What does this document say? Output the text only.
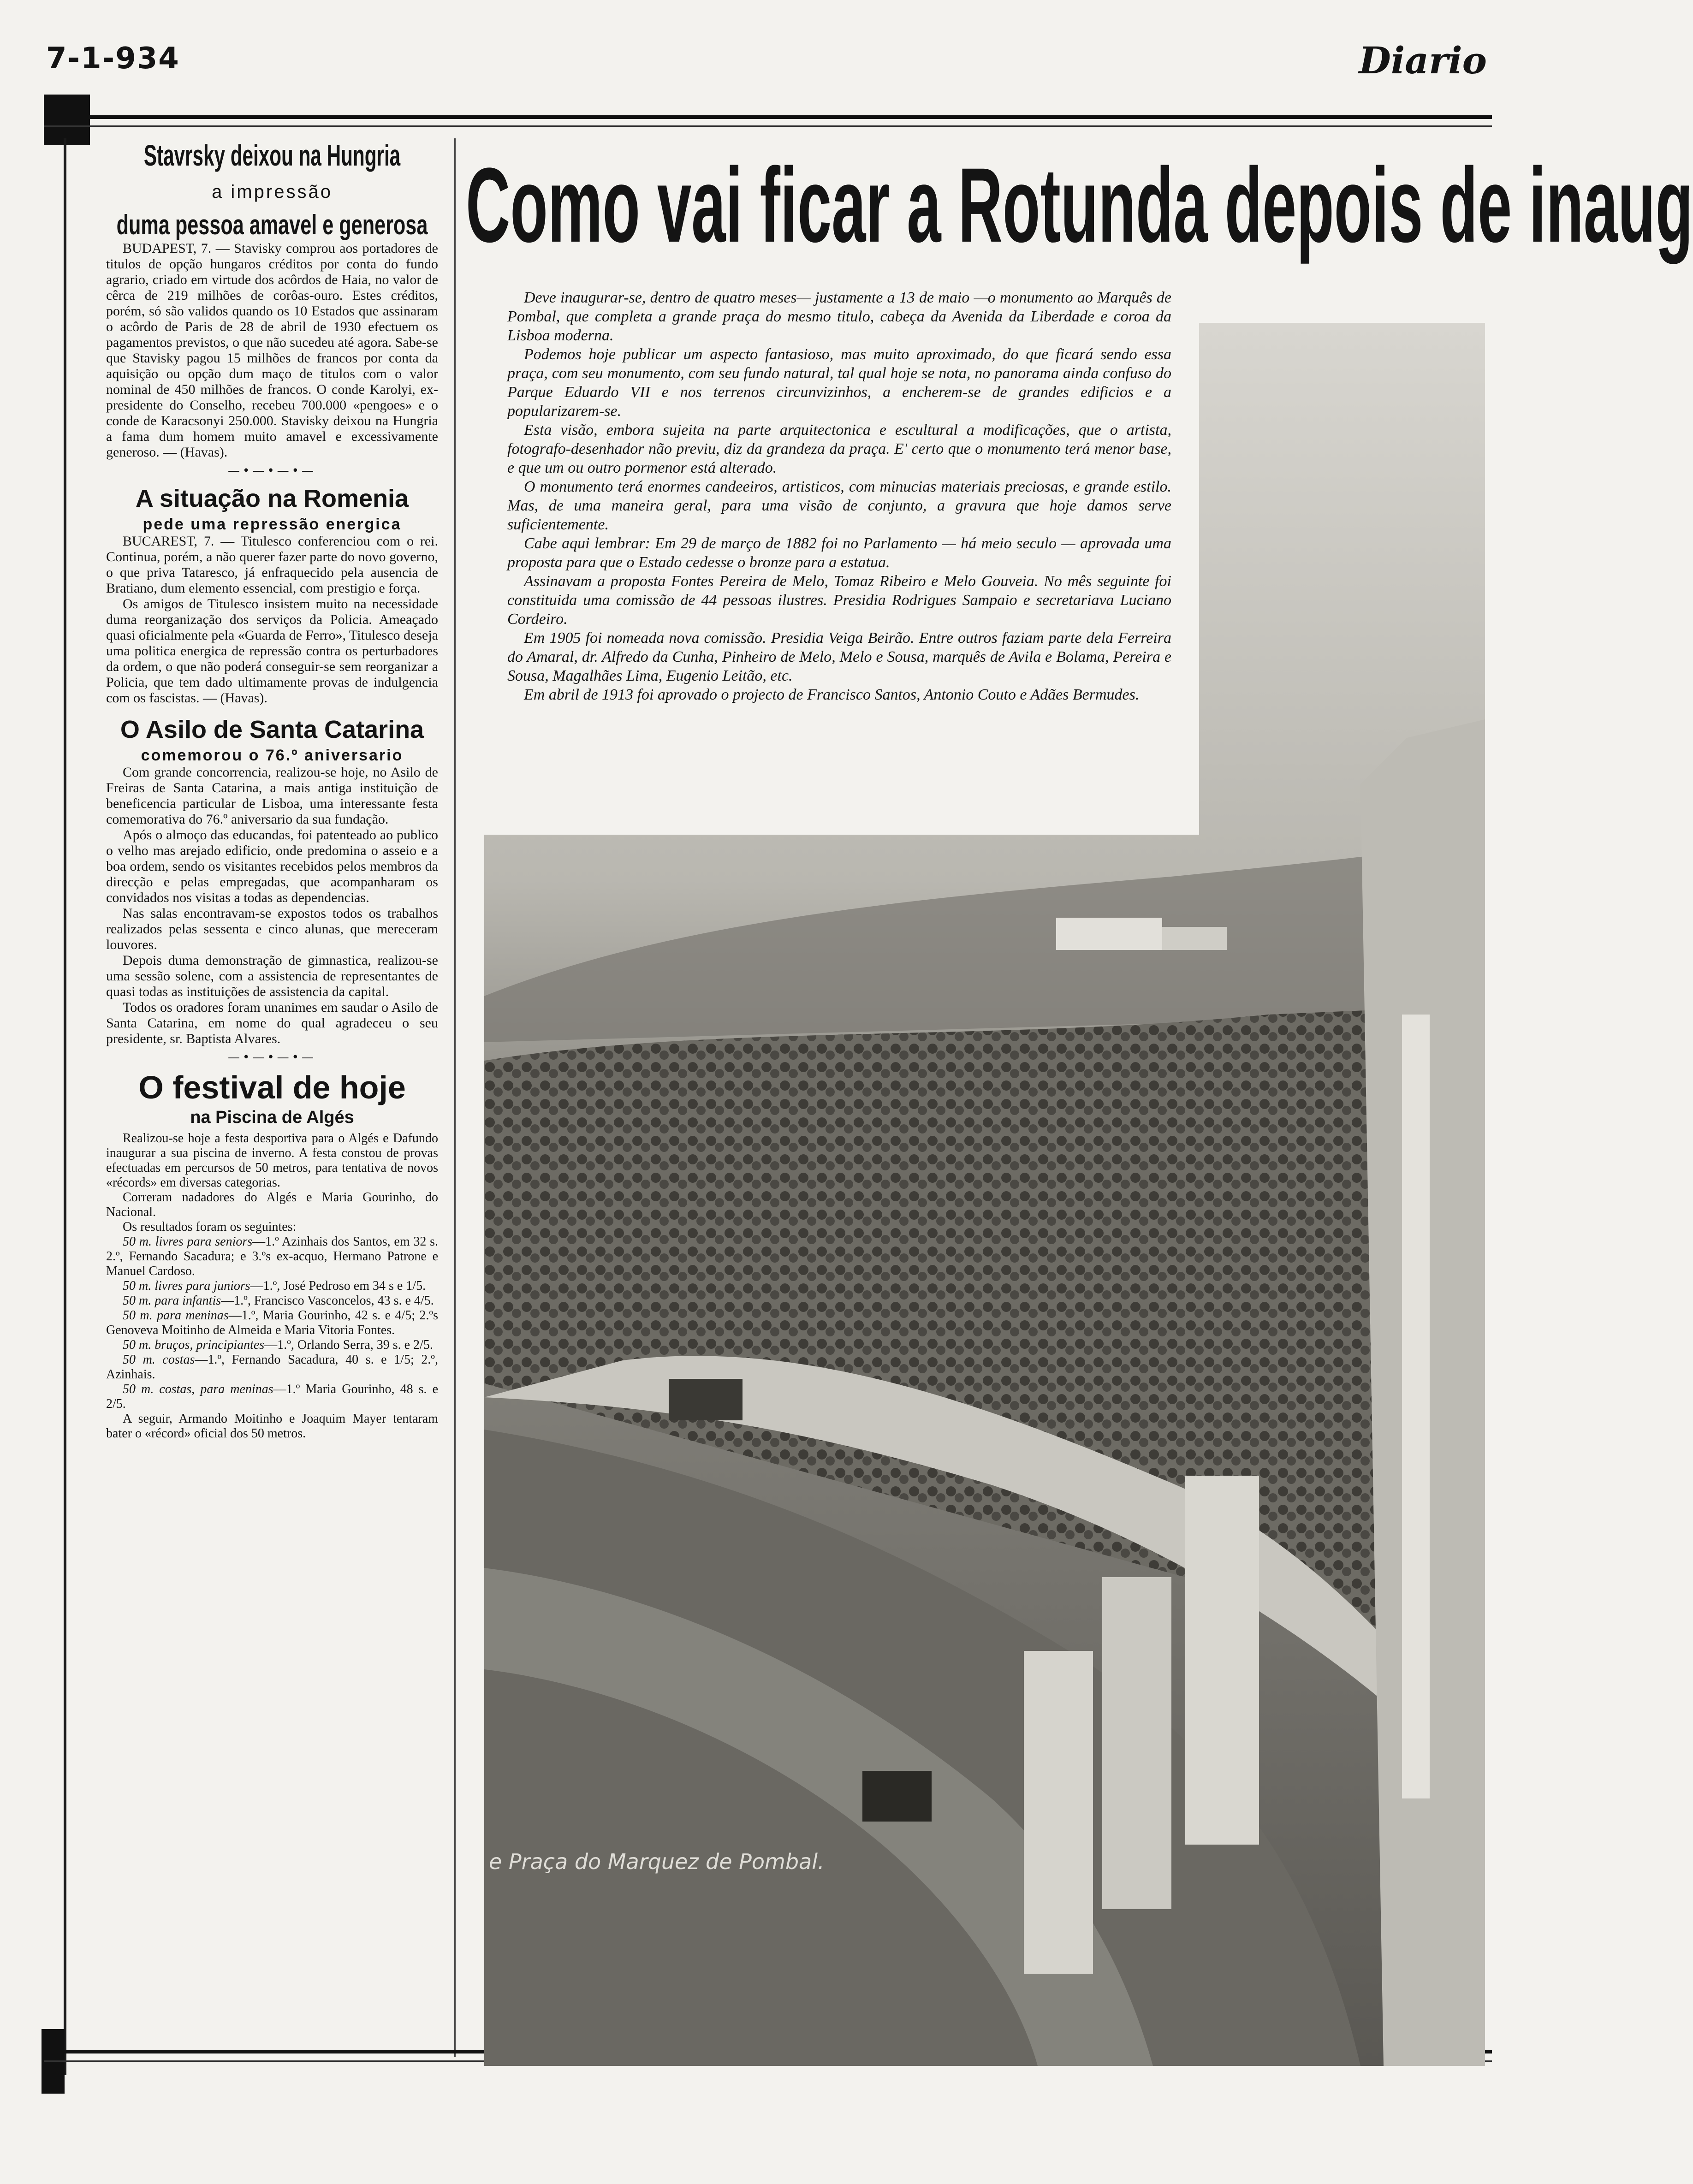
7-1-934	Diario
Como vai ficar a Rotunda depois de inaug

Deve inaugurar-se, dentro de quatro meses— justamente a 13 de maio —o monumento ao Marquês de Pombal, que completa a grande praça do mesmo titulo, cabeça da Avenida da Liberdade e coroa da Lisboa moderna.

Podemos hoje publicar um aspecto fantasioso, mas muito aproximado, do que ficará sendo essa praça, com seu monumento, com seu fundo natural, tal qual hoje se nota, no panorama ainda confuso do Parque Eduardo VII e nos terrenos circunvizinhos, a encherem-se de grandes edificios e a popularizarem-se.

Esta visão, embora sujeita na parte arquitectonica e escultural a modificações, que o artista, fotografo-desenhador não previu, diz da grandeza da praça. E' certo que o monumento terá menor base, e que um ou outro pormenor está alterado.

O monumento terá enormes candeeiros, artisticos, com minucias materiais preciosas, e grande estilo. Mas, de uma maneira geral, para uma visão de conjunto, a gravura que hoje damos serve suficientemente.

Cabe aqui lembrar: Em 29 de março de 1882 foi no Parlamento — há meio seculo — aprovada uma proposta para que o Estado cedesse o bronze para a estatua.

Assinavam a proposta Fontes Pereira de Melo, Tomaz Ribeiro e Melo Gouveia. No mês seguinte foi constituida uma comissão de 44 pessoas ilustres. Presidia Rodrigues Sampaio e secretariava Luciano Cordeiro.

Em 1905 foi nomeada nova comissão. Presidia Veiga Beirão. Entre outros faziam parte dela Ferreira do Amaral, dr. Alfredo da Cunha, Pinheiro de Melo, Melo e Sousa, marquês de Avila e Bolama, Pereira e Sousa, Magalhães Lima, Eugenio Leitão, etc.

Em abril de 1913 foi aprovado o projecto de Francisco Santos, Antonio Couto e Adães Bermudes.

e Praça do Marquez de Pombal.
Stavrsky deixou na Hungria
a impressão
duma pessoa amavel e generosa

BUDAPEST, 7. — Stavisky comprou aos portadores de titulos de opção hungaros créditos por conta do fundo agrario, criado em virtude dos acôrdos de Haia, no valor de cêrca de 219 milhões de corôas-ouro. Estes créditos, porém, só são validos quando os 10 Estados que assinaram o acôrdo de Paris de 28 de abril de 1930 efectuem os pagamentos previstos, o que não sucedeu até agora. Sabe-se que Stavisky pagou 15 milhões de francos por conta da aquisição ou opção dum maço de titulos com o valor nominal de 450 milhões de francos. O conde Karolyi, ex-presidente do Conselho, recebeu 700.000 «pengoes» e o conde de Karacsonyi 250.000. Stavisky deixou na Hungria a fama dum homem muito amavel e excessivamente generoso. — (Havas).

—•—•—•—
A situação na Romenia
pede uma repressão energica

BUCAREST, 7. — Titulesco conferenciou com o rei. Continua, porém, a não querer fazer parte do novo governo, o que priva Tataresco, já enfraquecido pela ausencia de Bratiano, dum elemento essencial, com prestigio e força.

Os amigos de Titulesco insistem muito na necessidade duma reorganização dos serviços da Policia. Ameaçado quasi oficialmente pela «Guarda de Ferro», Titulesco deseja uma politica energica de repressão contra os perturbadores da ordem, o que não poderá conseguir-se sem reorganizar a Policia, que tem dado ultimamente provas de indulgencia com os fascistas. — (Havas).

O Asilo de Santa Catarina
comemorou o 76.º aniversario

Com grande concorrencia, realizou-se hoje, no Asilo de Freiras de Santa Catarina, a mais antiga instituição de beneficencia particular de Lisboa, uma interessante festa comemorativa do 76.º aniversario da sua fundação.

Após o almoço das educandas, foi patenteado ao publico o velho mas arejado edificio, onde predomina o asseio e a boa ordem, sendo os visitantes recebidos pelos membros da direcção e pelas empregadas, que acompanharam os convidados nos visitas a todas as dependencias.

Nas salas encontravam-se expostos todos os trabalhos realizados pelas sessenta e cinco alunas, que mereceram louvores.

Depois duma demonstração de gimnastica, realizou-se uma sessão solene, com a assistencia de representantes de quasi todas as instituições de assistencia da capital.

Todos os oradores foram unanimes em saudar o Asilo de Santa Catarina, em nome do qual agradeceu o seu presidente, sr. Baptista Alvares.

—•—•—•—
O festival de hoje
na Piscina de Algés

Realizou-se hoje a festa desportiva para o Algés e Dafundo inaugurar a sua piscina de inverno. A festa constou de provas efectuadas em percursos de 50 metros, para tentativa de novos «récords» em diversas categorias.

Correram nadadores do Algés e Maria Gourinho, do Nacional.

Os resultados foram os seguintes:

50 m. livres para seniors—1.º Azinhais dos Santos, em 32 s. 2.º, Fernando Sacadura; e 3.ºs ex-acquo, Hermano Patrone e Manuel Cardoso.

50 m. livres para juniors—1.º, José Pedroso em 34 s e 1/5.

50 m. para infantis—1.º, Francisco Vasconcelos, 43 s. e 4/5.

50 m. para meninas—1.º, Maria Gourinho, 42 s. e 4/5; 2.ºs Genoveva Moitinho de Almeida e Maria Vitoria Fontes.

50 m. bruços, principiantes—1.º, Orlando Serra, 39 s. e 2/5.

50 m. costas—1.º, Fernando Sacadura, 40 s. e 1/5; 2.º, Azinhais.

50 m. costas, para meninas—1.º Maria Gourinho, 48 s. e 2/5.

A seguir, Armando Moitinho e Joaquim Mayer tentaram bater o «récord» oficial dos 50 metros.
